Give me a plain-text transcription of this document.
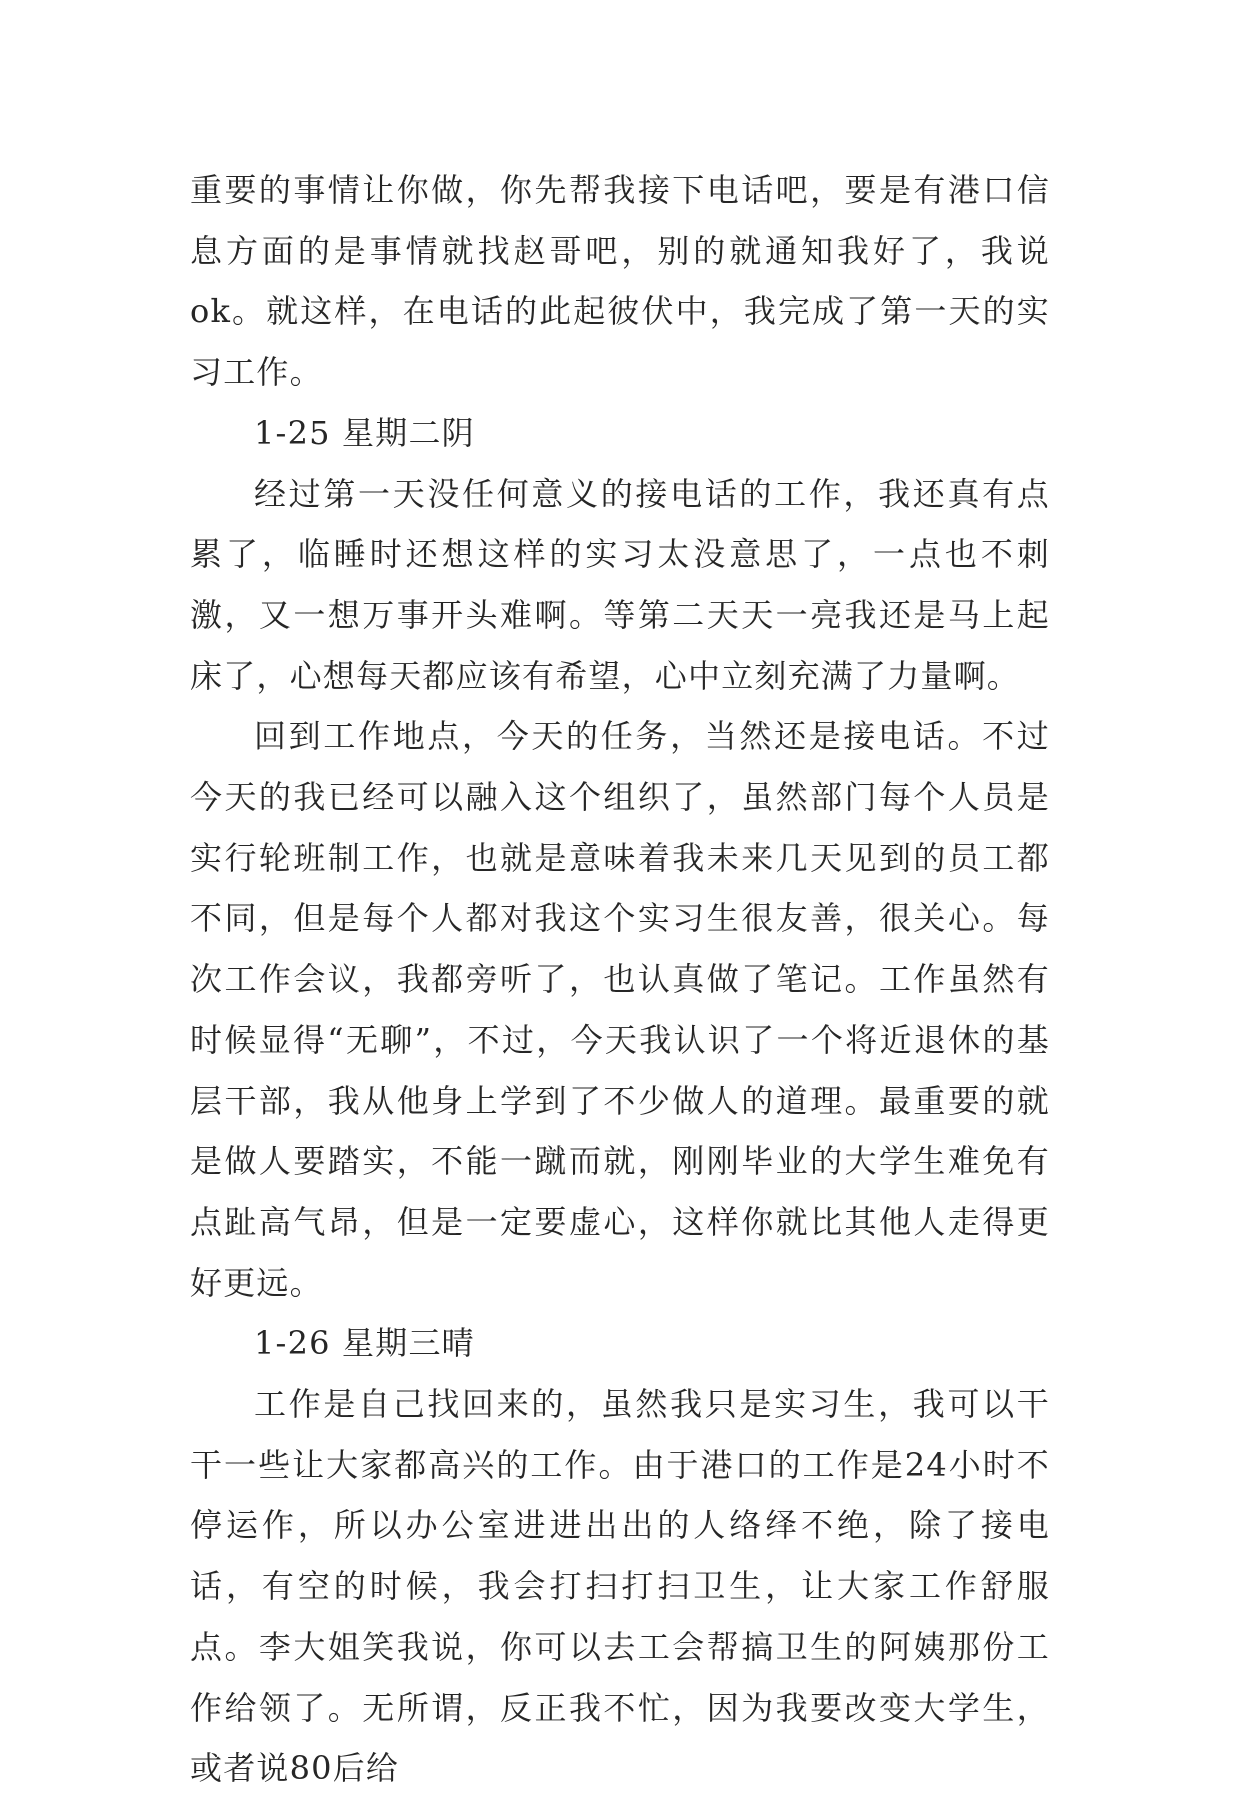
重要的事情让你做，你先帮我接下电话吧，要是有港口信息方面的是事情就找赵哥吧，别的就通知我好了，我说ok。就这样，在电话的此起彼伏中，我完成了第一天的实习工作。

1-25 星期二阴

经过第一天没任何意义的接电话的工作，我还真有点累了，临睡时还想这样的实习太没意思了，一点也不刺激，又一想万事开头难啊。等第二天天一亮我还是马上起床了，心想每天都应该有希望，心中立刻充满了力量啊。

回到工作地点，今天的任务，当然还是接电话。不过今天的我已经可以融入这个组织了，虽然部门每个人员是实行轮班制工作，也就是意味着我未来几天见到的员工都不同，但是每个人都对我这个实习生很友善，很关心。每次工作会议，我都旁听了，也认真做了笔记。工作虽然有时候显得“无聊”，不过，今天我认识了一个将近退休的基层干部，我从他身上学到了不少做人的道理。最重要的就是做人要踏实，不能一蹴而就，刚刚毕业的大学生难免有点趾高气昂，但是一定要虚心，这样你就比其他人走得更好更远。

1-26 星期三晴

工作是自己找回来的，虽然我只是实习生，我可以干干一些让大家都高兴的工作。由于港口的工作是24小时不停运作，所以办公室进进出出的人络绎不绝，除了接电话，有空的时候，我会打扫打扫卫生，让大家工作舒服点。李大姐笑我说，你可以去工会帮搞卫生的阿姨那份工作给领了。无所谓，反正我不忙，因为我要改变大学生，或者说80后给
